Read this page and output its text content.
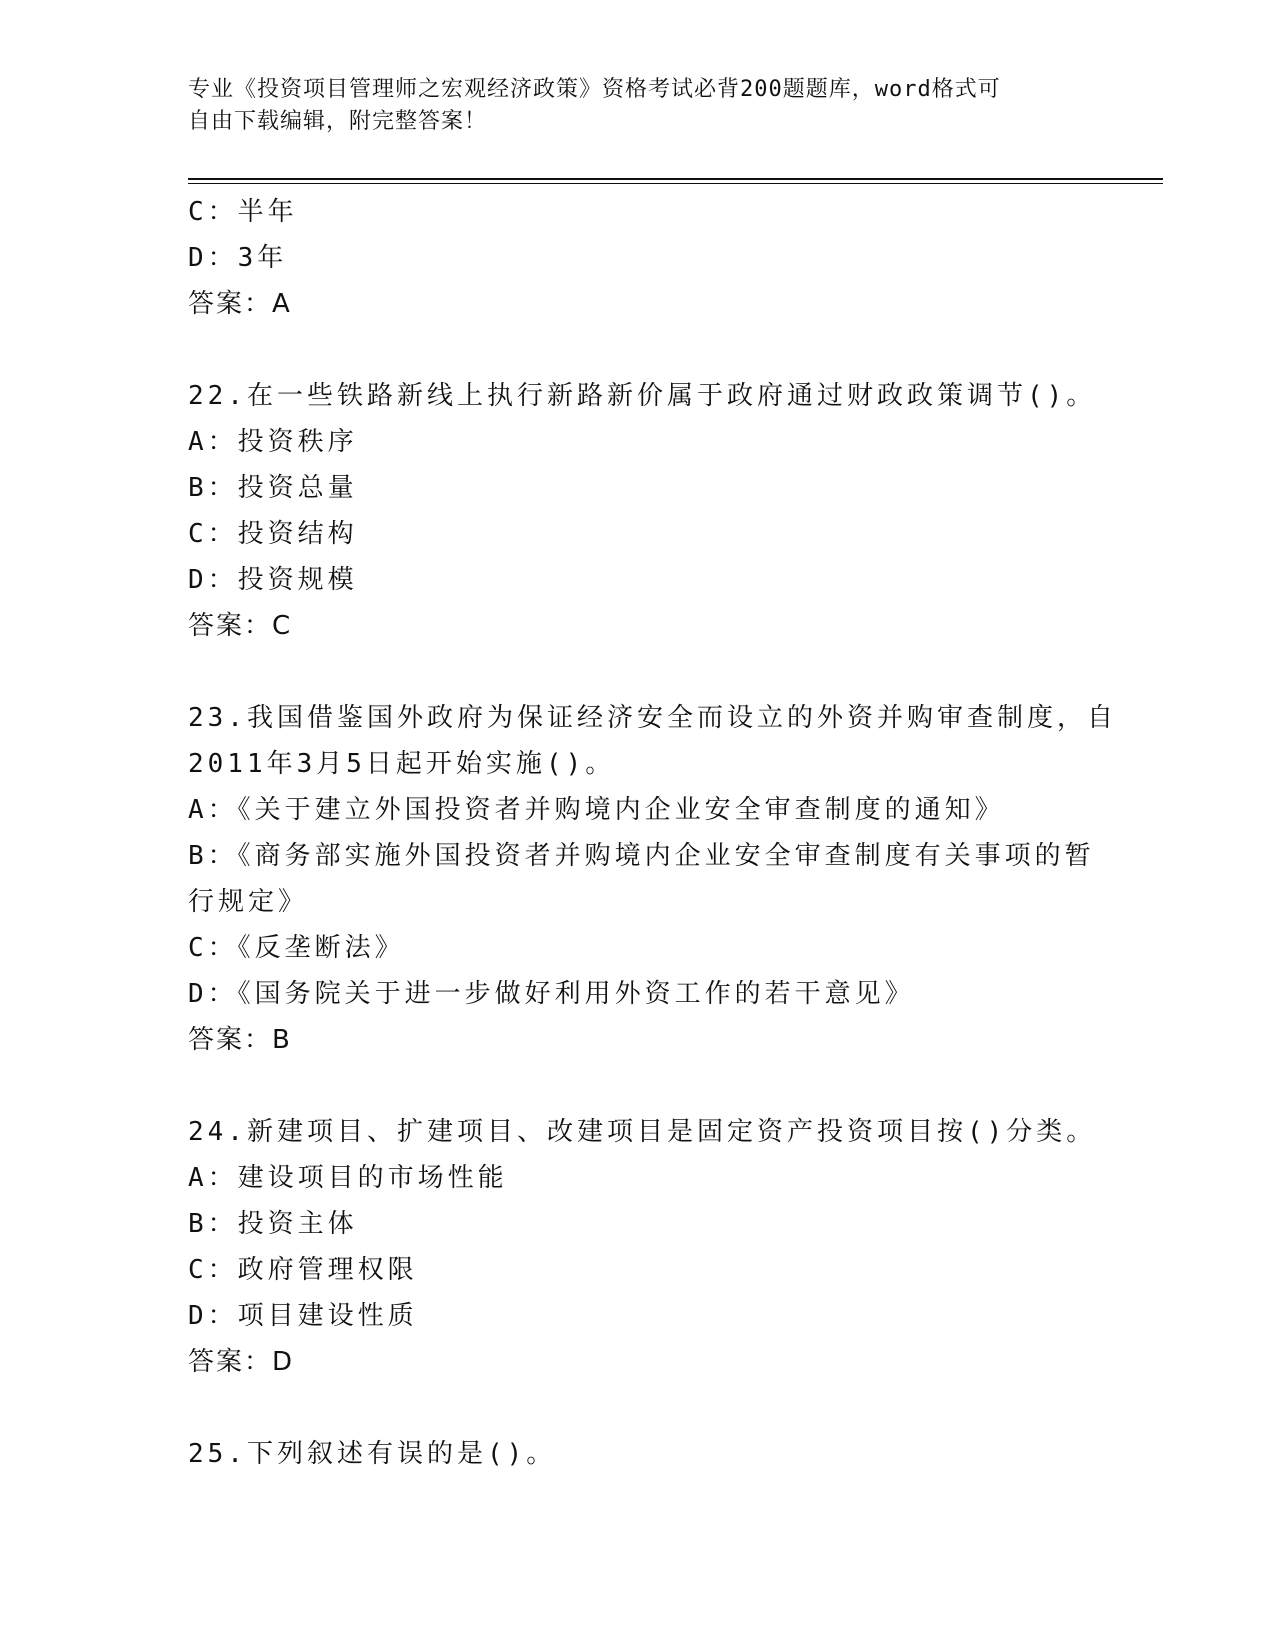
专业《投资项目管理师之宏观经济政策》资格考试必背200题题库，word格式可
自由下载编辑，附完整答案！
C：半年
D：3年
答案：A
22.在一些铁路新线上执行新路新价属于政府通过财政政策调节()。
A：投资秩序
B：投资总量
C：投资结构
D：投资规模
答案：C
23.我国借鉴国外政府为保证经济安全而设立的外资并购审查制度，自
2011年3月5日起开始实施()。
A：《关于建立外国投资者并购境内企业安全审查制度的通知》
B：《商务部实施外国投资者并购境内企业安全审查制度有关事项的暂
行规定》
C：《反垄断法》
D：《国务院关于进一步做好利用外资工作的若干意见》
答案：B
24.新建项目、扩建项目、改建项目是固定资产投资项目按()分类。
A：建设项目的市场性能
B：投资主体
C：政府管理权限
D：项目建设性质
答案：D
25.下列叙述有误的是()。
